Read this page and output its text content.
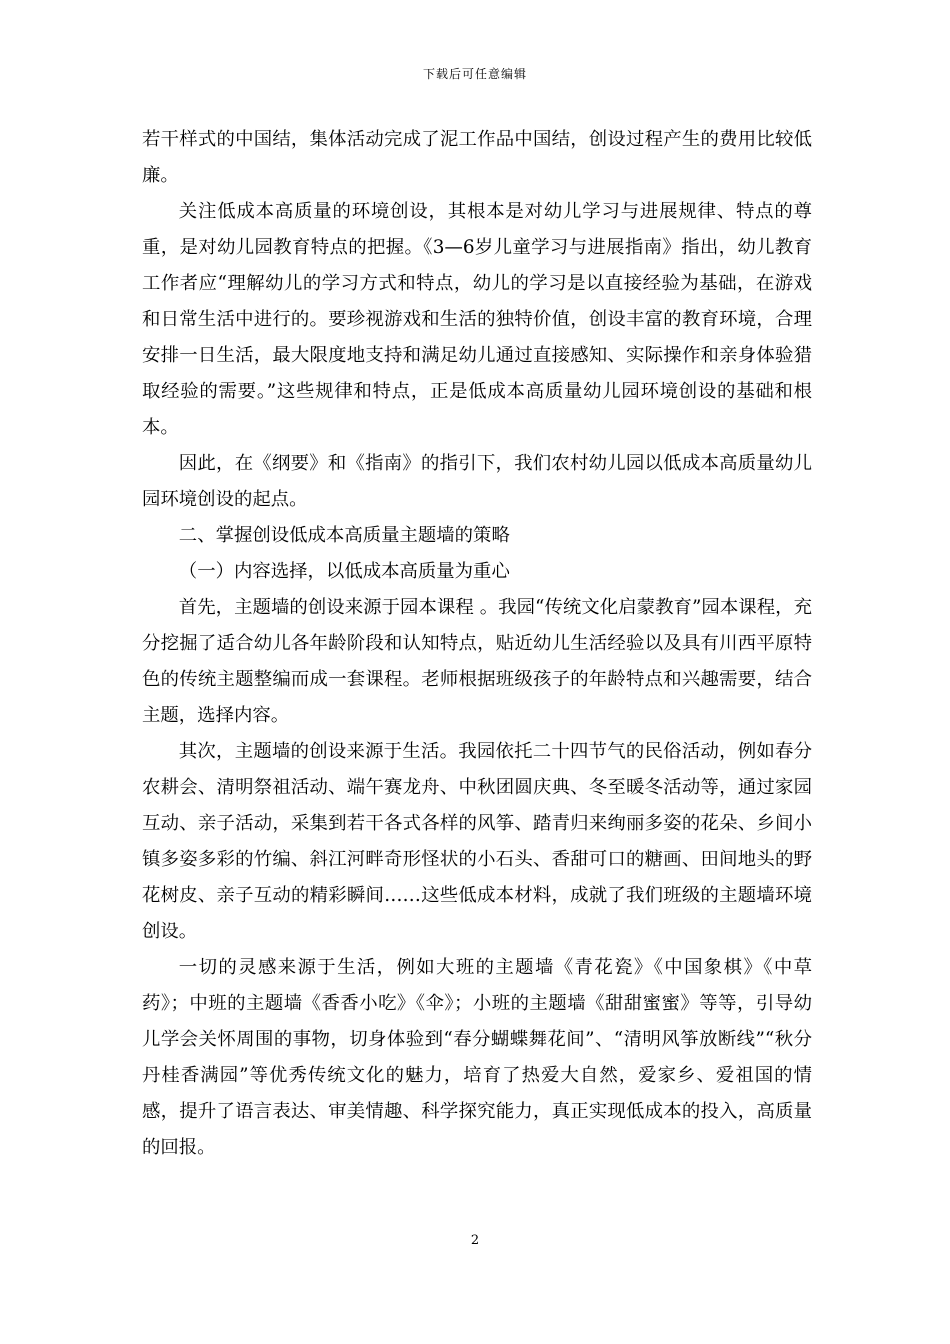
下载后可任意编辑

若干样式的中国结，集体活动完成了泥工作品中国结，创设过程产生的费用比较低廉。

关注低成本高质量的环境创设，其根本是对幼儿学习与进展规律、特点的尊重，是对幼儿园教育特点的把握。《3—6岁儿童学习与进展指南》指出，幼儿教育工作者应“理解幼儿的学习方式和特点，幼儿的学习是以直接经验为基础，在游戏和日常生活中进行的。要珍视游戏和生活的独特价值，创设丰富的教育环境，合理安排一日生活，最大限度地支持和满足幼儿通过直接感知、实际操作和亲身体验猎取经验的需要。”这些规律和特点，正是低成本高质量幼儿园环境创设的基础和根本。

因此，在《纲要》和《指南》的指引下，我们农村幼儿园以低成本高质量幼儿园环境创设的起点。

二、掌握创设低成本高质量主题墙的策略

（一）内容选择，以低成本高质量为重心

首先，主题墙的创设来源于园本课程 。我园“传统文化启蒙教育”园本课程，充分挖掘了适合幼儿各年龄阶段和认知特点，贴近幼儿生活经验以及具有川西平原特色的传统主题整编而成一套课程。老师根据班级孩子的年龄特点和兴趣需要，结合主题，选择内容。

其次，主题墙的创设来源于生活。我园依托二十四节气的民俗活动，例如春分农耕会、清明祭祖活动、端午赛龙舟、中秋团圆庆典、冬至暖冬活动等，通过家园互动、亲子活动，采集到若干各式各样的风筝、踏青归来绚丽多姿的花朵、乡间小镇多姿多彩的竹编、斜江河畔奇形怪状的小石头、香甜可口的糖画、田间地头的野花树皮、亲子互动的精彩瞬间……这些低成本材料，成就了我们班级的主题墙环境创设。

一切的灵感来源于生活，例如大班的主题墙《青花瓷》《中国象棋》《中草药》；中班的主题墙《香香小吃》《伞》；小班的主题墙《甜甜蜜蜜》等等，引导幼儿学会关怀周围的事物，切身体验到“春分蝴蝶舞花间”、“清明风筝放断线”“秋分丹桂香满园”等优秀传统文化的魅力，培育了热爱大自然，爱家乡、爱祖国的情感，提升了语言表达、审美情趣、科学探究能力，真正实现低成本的投入，高质量的回报。

2
